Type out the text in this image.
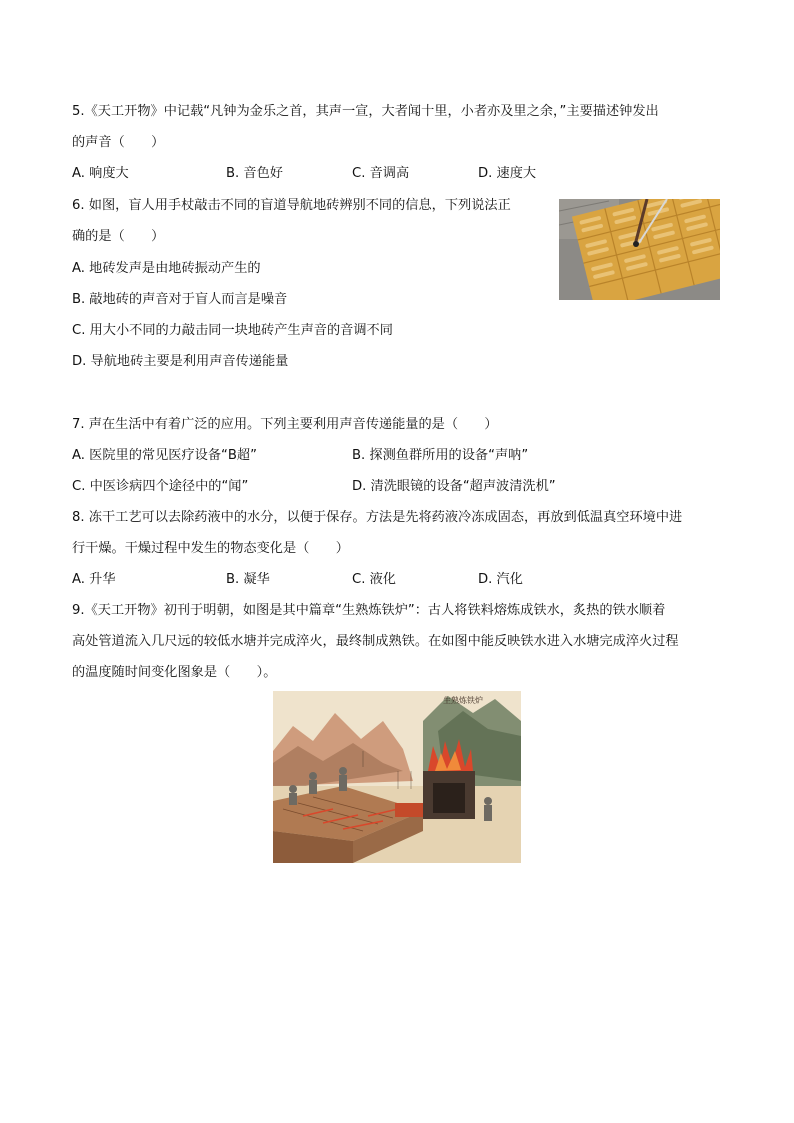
5.《天工开物》中记载“凡钟为金乐之首，其声一宣，大者闻十里，小者亦及里之余，”主要描述钟发出
的声音（　　）
A. 响度大	B. 音色好	C. 音调高	D. 速度大
6. 如图，盲人用手杖敲击不同的盲道导航地砖辨别不同的信息，下列说法正
确的是（　　）
A. 地砖发声是由地砖振动产生的
B. 敲地砖的声音对于盲人而言是噪音
C. 用大小不同的力敲击同一块地砖产生声音的音调不同
D. 导航地砖主要是利用声音传递能量
7. 声在生活中有着广泛的应用。下列主要利用声音传递能量的是（　　）
A. 医院里的常见医疗设备“B超”	B. 探测鱼群所用的设备“声呐”
C. 中医诊病四个途径中的“闻”	D. 清洗眼镜的设备“超声波清洗机”
8. 冻干工艺可以去除药液中的水分，以便于保存。方法是先将药液冷冻成固态，再放到低温真空环境中进
行干燥。干燥过程中发生的物态变化是（　　）
A. 升华	B. 凝华	C. 液化	D. 汽化
9.《天工开物》初刊于明朝，如图是其中篇章“生熟炼铁炉”：古人将铁料熔炼成铁水，炙热的铁水顺着
高处管道流入几尺远的较低水塘并完成淬火，最终制成熟铁。在如图中能反映铁水进入水塘完成淬火过程
的温度随时间变化图象是（　　）。
生熟炼铁炉
